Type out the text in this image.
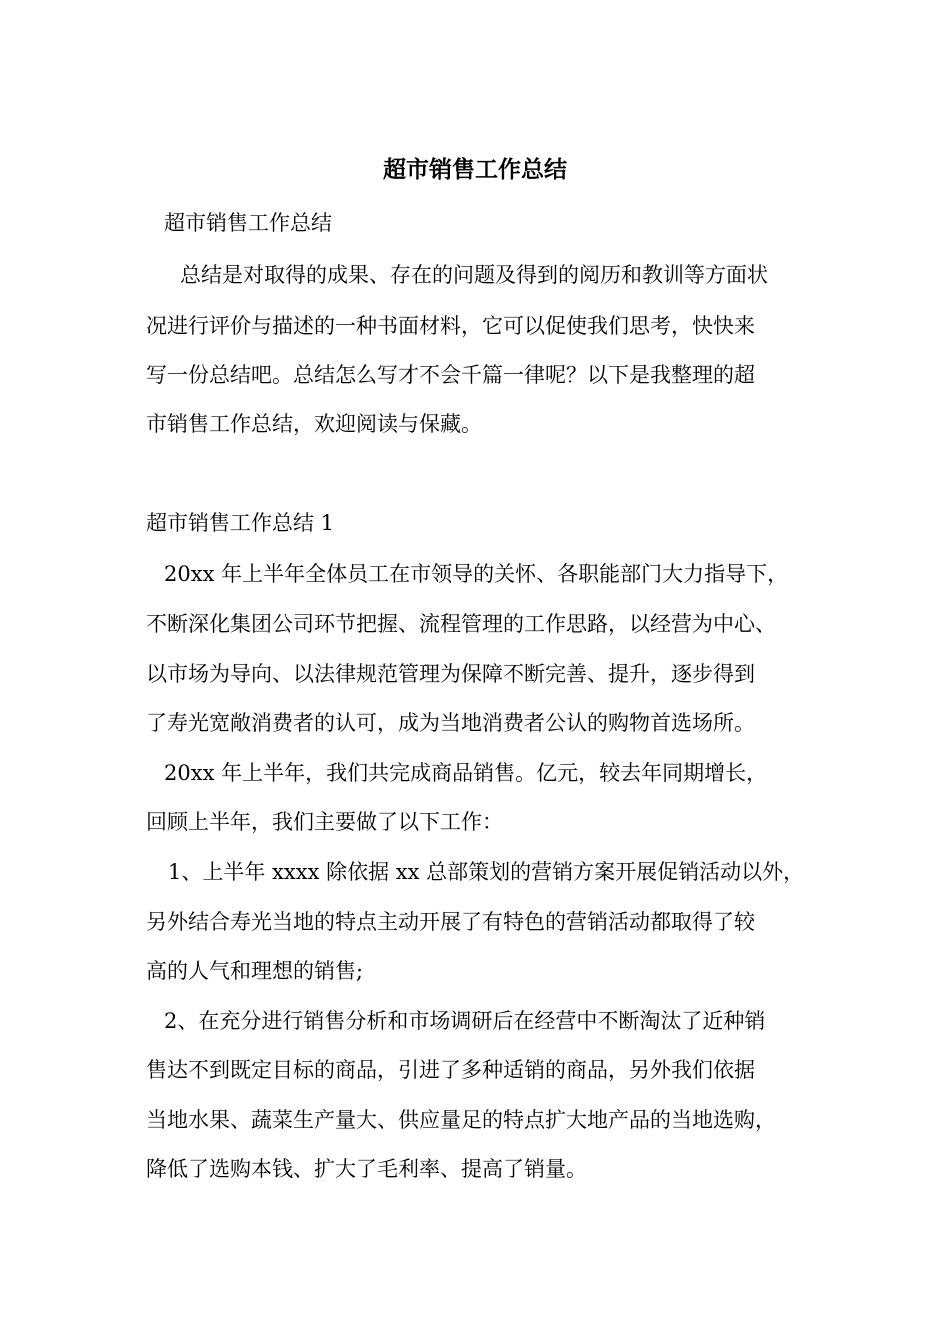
超市销售工作总结

超市销售工作总结

总结是对取得的成果、存在的问题及得到的阅历和教训等方面状

况进行评价与描述的一种书面材料，它可以促使我们思考，快快来

写一份总结吧。总结怎么写才不会千篇一律呢？以下是我整理的超

市销售工作总结，欢迎阅读与保藏。

超市销售工作总结 1

20xx 年上半年全体员工在市领导的关怀、各职能部门大力指导下，

不断深化集团公司环节把握、流程管理的工作思路，以经营为中心、

以市场为导向、以法律规范管理为保障不断完善、提升，逐步得到

了寿光宽敞消费者的认可，成为当地消费者公认的购物首选场所。

20xx 年上半年，我们共完成商品销售。亿元，较去年同期增长，

回顾上半年，我们主要做了以下工作：

1、上半年 xxxx 除依据 xx 总部策划的营销方案开展促销活动以外，

另外结合寿光当地的特点主动开展了有特色的营销活动都取得了较

高的人气和理想的销售;

2、在充分进行销售分析和市场调研后在经营中不断淘汰了近种销

售达不到既定目标的商品，引进了多种适销的商品，另外我们依据

当地水果、蔬菜生产量大、供应量足的特点扩大地产品的当地选购，

降低了选购本钱、扩大了毛利率、提高了销量。
